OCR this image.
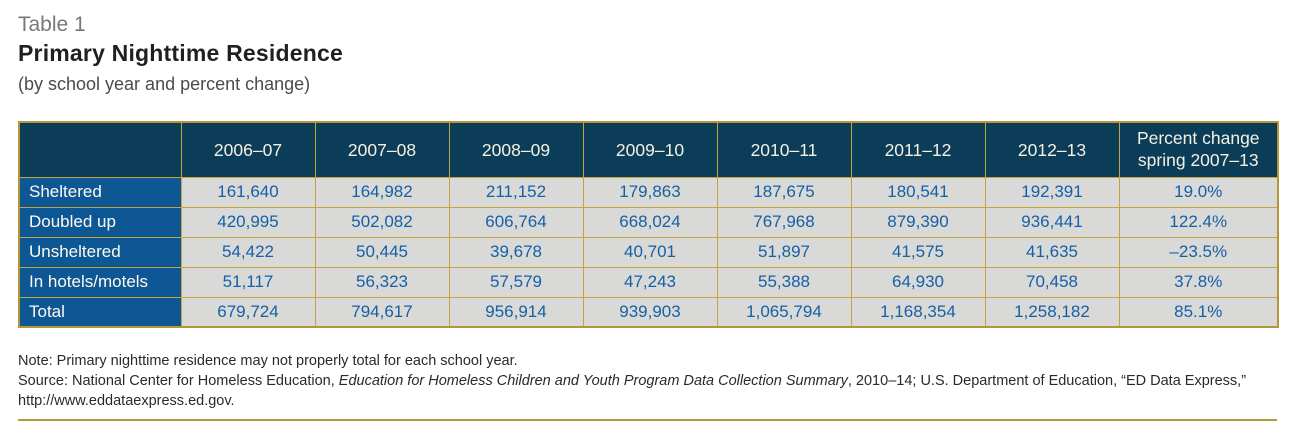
Table 1
Primary Nighttime Residence
(by school year and percent change)
	2006–07	2007–08	2008–09	2009–10	2010–11	2011–12	2012–13	Percent change
spring 2007–13

Sheltered	161,640	164,982	211,152	179,863	187,675	180,541	192,391	19.0%
Doubled up	420,995	502,082	606,764	668,024	767,968	879,390	936,441	122.4%
Unsheltered	54,422	50,445	39,678	40,701	51,897	41,575	41,635	–23.5%
In hotels/motels	51,117	56,323	57,579	47,243	55,388	64,930	70,458	37.8%
Total	679,724	794,617	956,914	939,903	1,065,794	1,168,354	1,258,182	85.1%
Note: Primary nighttime residence may not properly total for each school year.
Source: National Center for Homeless Education, Education for Homeless Children and Youth Program Data Collection Summary, 2010–14; U.S. Department of Education, “ED Data Express,”
http://www.eddataexpress.ed.gov.
